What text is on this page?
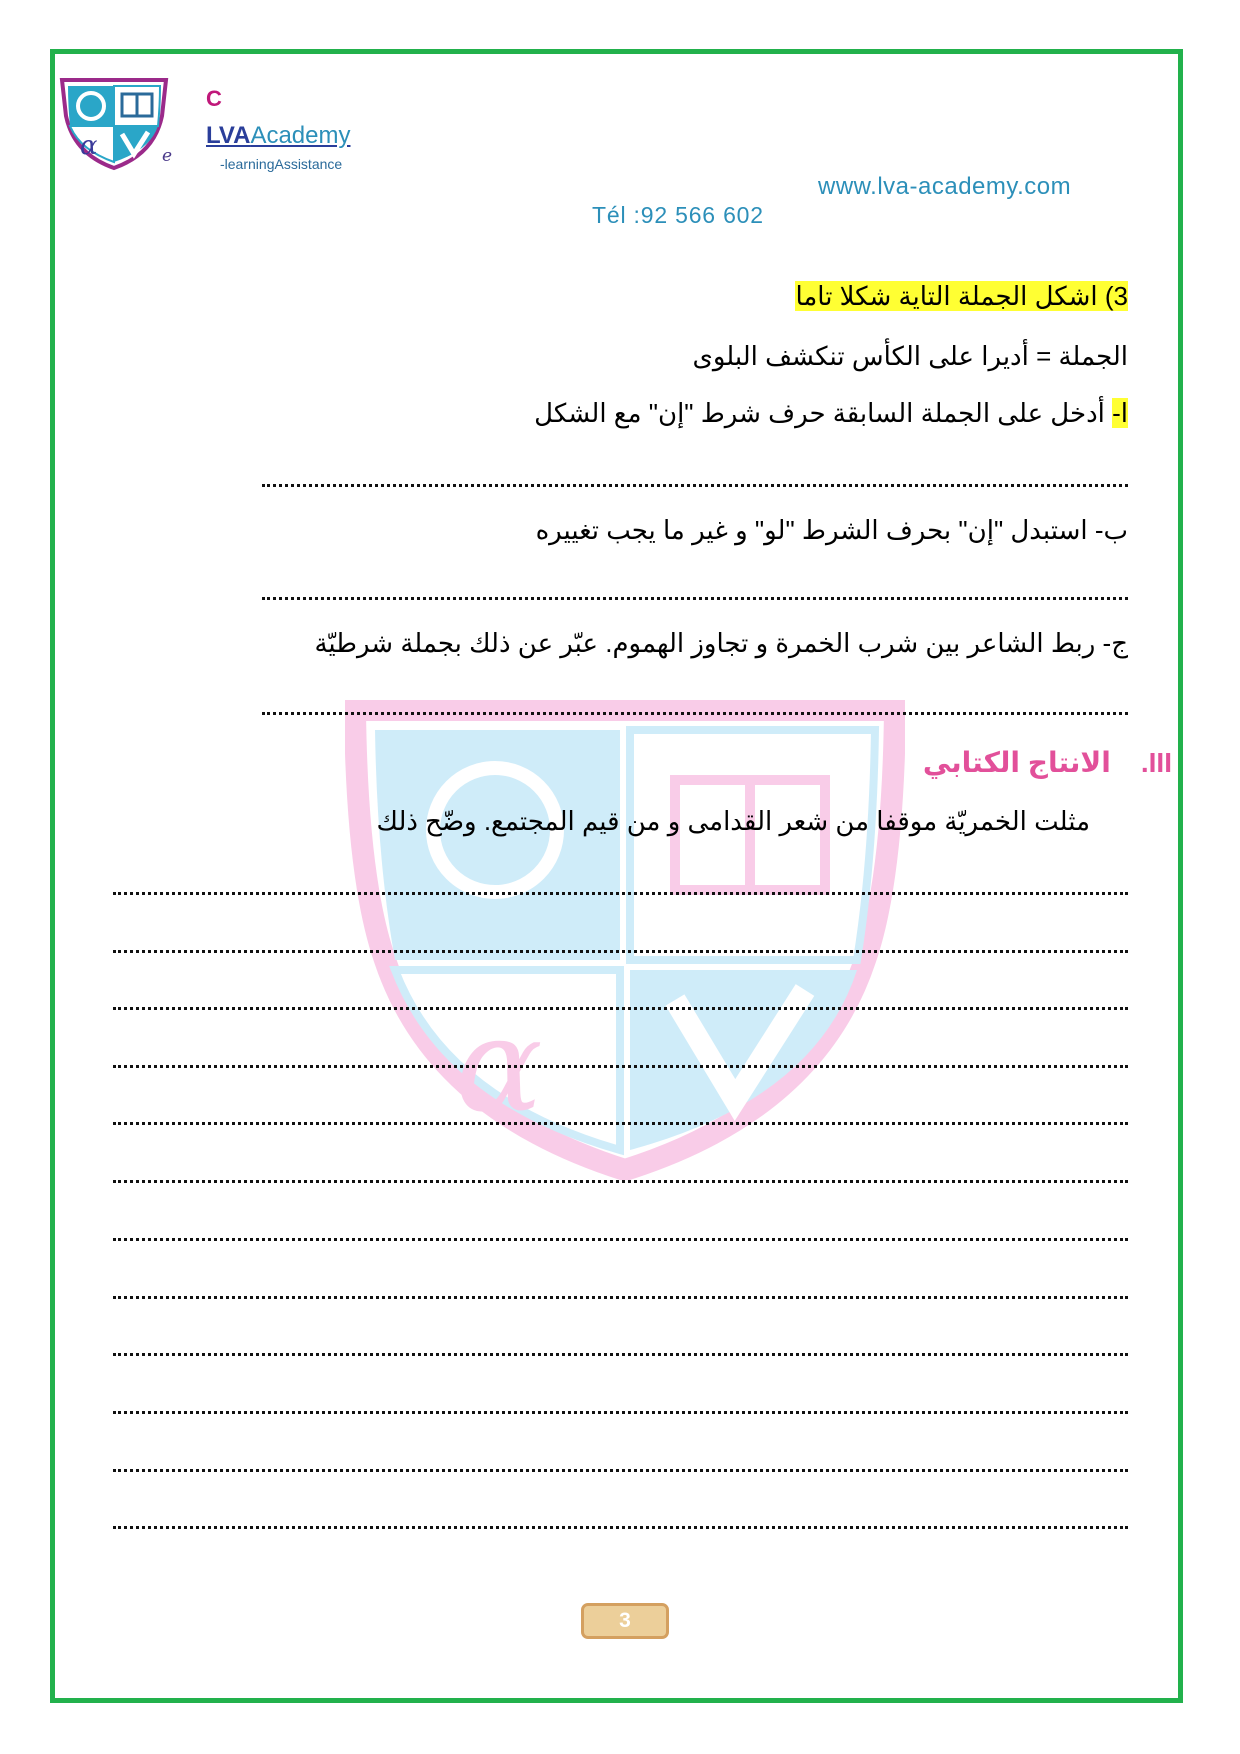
α	e
C
LVAAcademy
-learningAssistance
www.lva-academy.com
Tél :92 566 602
α
3) اشكل الجملة التاية شكلا تاما
الجملة = أديرا على الكأس تنكشف البلوى
ا- أدخل على الجملة السابقة حرف شرط "إن" مع الشكل
ب- استبدل "إن" بحرف الشرط "لو" و غير ما يجب تغييره
ج- ربط الشاعر بين شرب الخمرة و تجاوز الهموم. عبّر عن ذلك بجملة شرطيّة
III.الانتاج الكتابي
مثلت الخمريّة موقفا من شعر القدامى و من قيم المجتمع. وضّح ذلك
3
